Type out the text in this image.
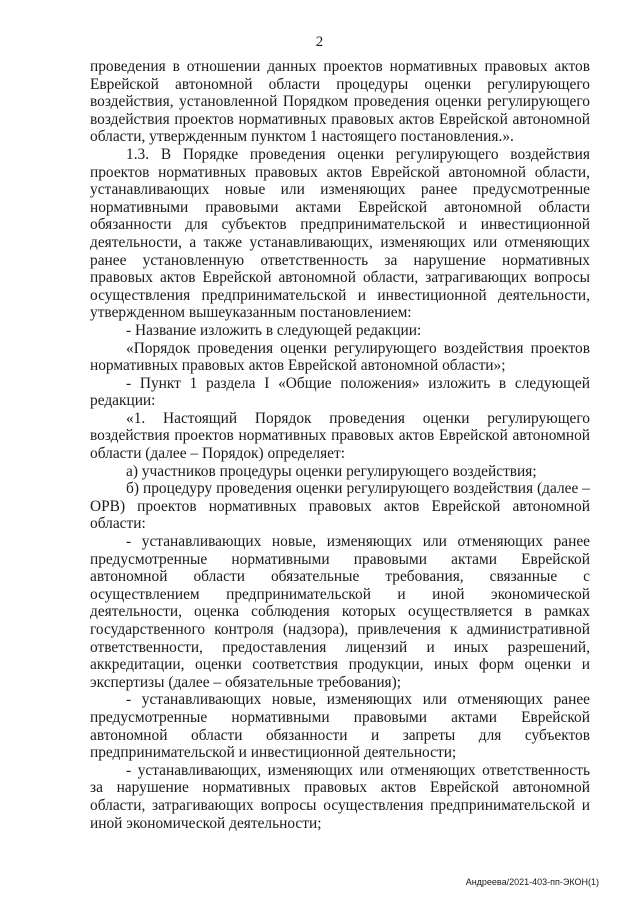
2

проведения в отношении данных проектов нормативных правовых актов Еврейской автономной области процедуры оценки регулирующего воздействия, установленной Порядком проведения оценки регулирующего воздействия проектов нормативных правовых актов Еврейской автономной области, утвержденным пунктом 1 настоящего постановления.».

1.3. В Порядке проведения оценки регулирующего воздействия проектов нормативных правовых актов Еврейской автономной области, устанавливающих новые или изменяющих ранее предусмотренные нормативными правовыми актами Еврейской автономной области обязанности для субъектов предпринимательской и инвестиционной деятельности, а также устанавливающих, изменяющих или отменяющих ранее установленную ответственность за нарушение нормативных правовых актов Еврейской автономной области, затрагивающих вопросы осуществления предпринимательской и инвестиционной деятельности, утвержденном вышеуказанным постановлением:

- Название изложить в следующей редакции:

«Порядок проведения оценки регулирующего воздействия проектов нормативных правовых актов Еврейской автономной области»;

- Пункт 1 раздела I «Общие положения» изложить в следующей редакции:

«1. Настоящий Порядок проведения оценки регулирующего воздействия проектов нормативных правовых актов Еврейской автономной области (далее – Порядок) определяет:

а) участников процедуры оценки регулирующего воздействия;

б) процедуру проведения оценки регулирующего воздействия (далее – ОРВ) проектов нормативных правовых актов Еврейской автономной области:

- устанавливающих новые, изменяющих или отменяющих ранее предусмотренные нормативными правовыми актами Еврейской автономной области обязательные требования, связанные с осуществлением предпринимательской и иной экономической деятельности, оценка соблюдения которых осуществляется в рамках государственного контроля (надзора), привлечения к административной ответственности, предоставления лицензий и иных разрешений, аккредитации, оценки соответствия продукции, иных форм оценки и экспертизы (далее – обязательные требования);

- устанавливающих новые, изменяющих или отменяющих ранее предусмотренные нормативными правовыми актами Еврейской автономной области обязанности и запреты для субъектов предпринимательской и инвестиционной деятельности;

- устанавливающих, изменяющих или отменяющих ответственность за нарушение нормативных правовых актов Еврейской автономной области, затрагивающих вопросы осуществления предпринимательской и иной экономической деятельности;

Андреева/2021-403-пп-ЭКОН(1)
